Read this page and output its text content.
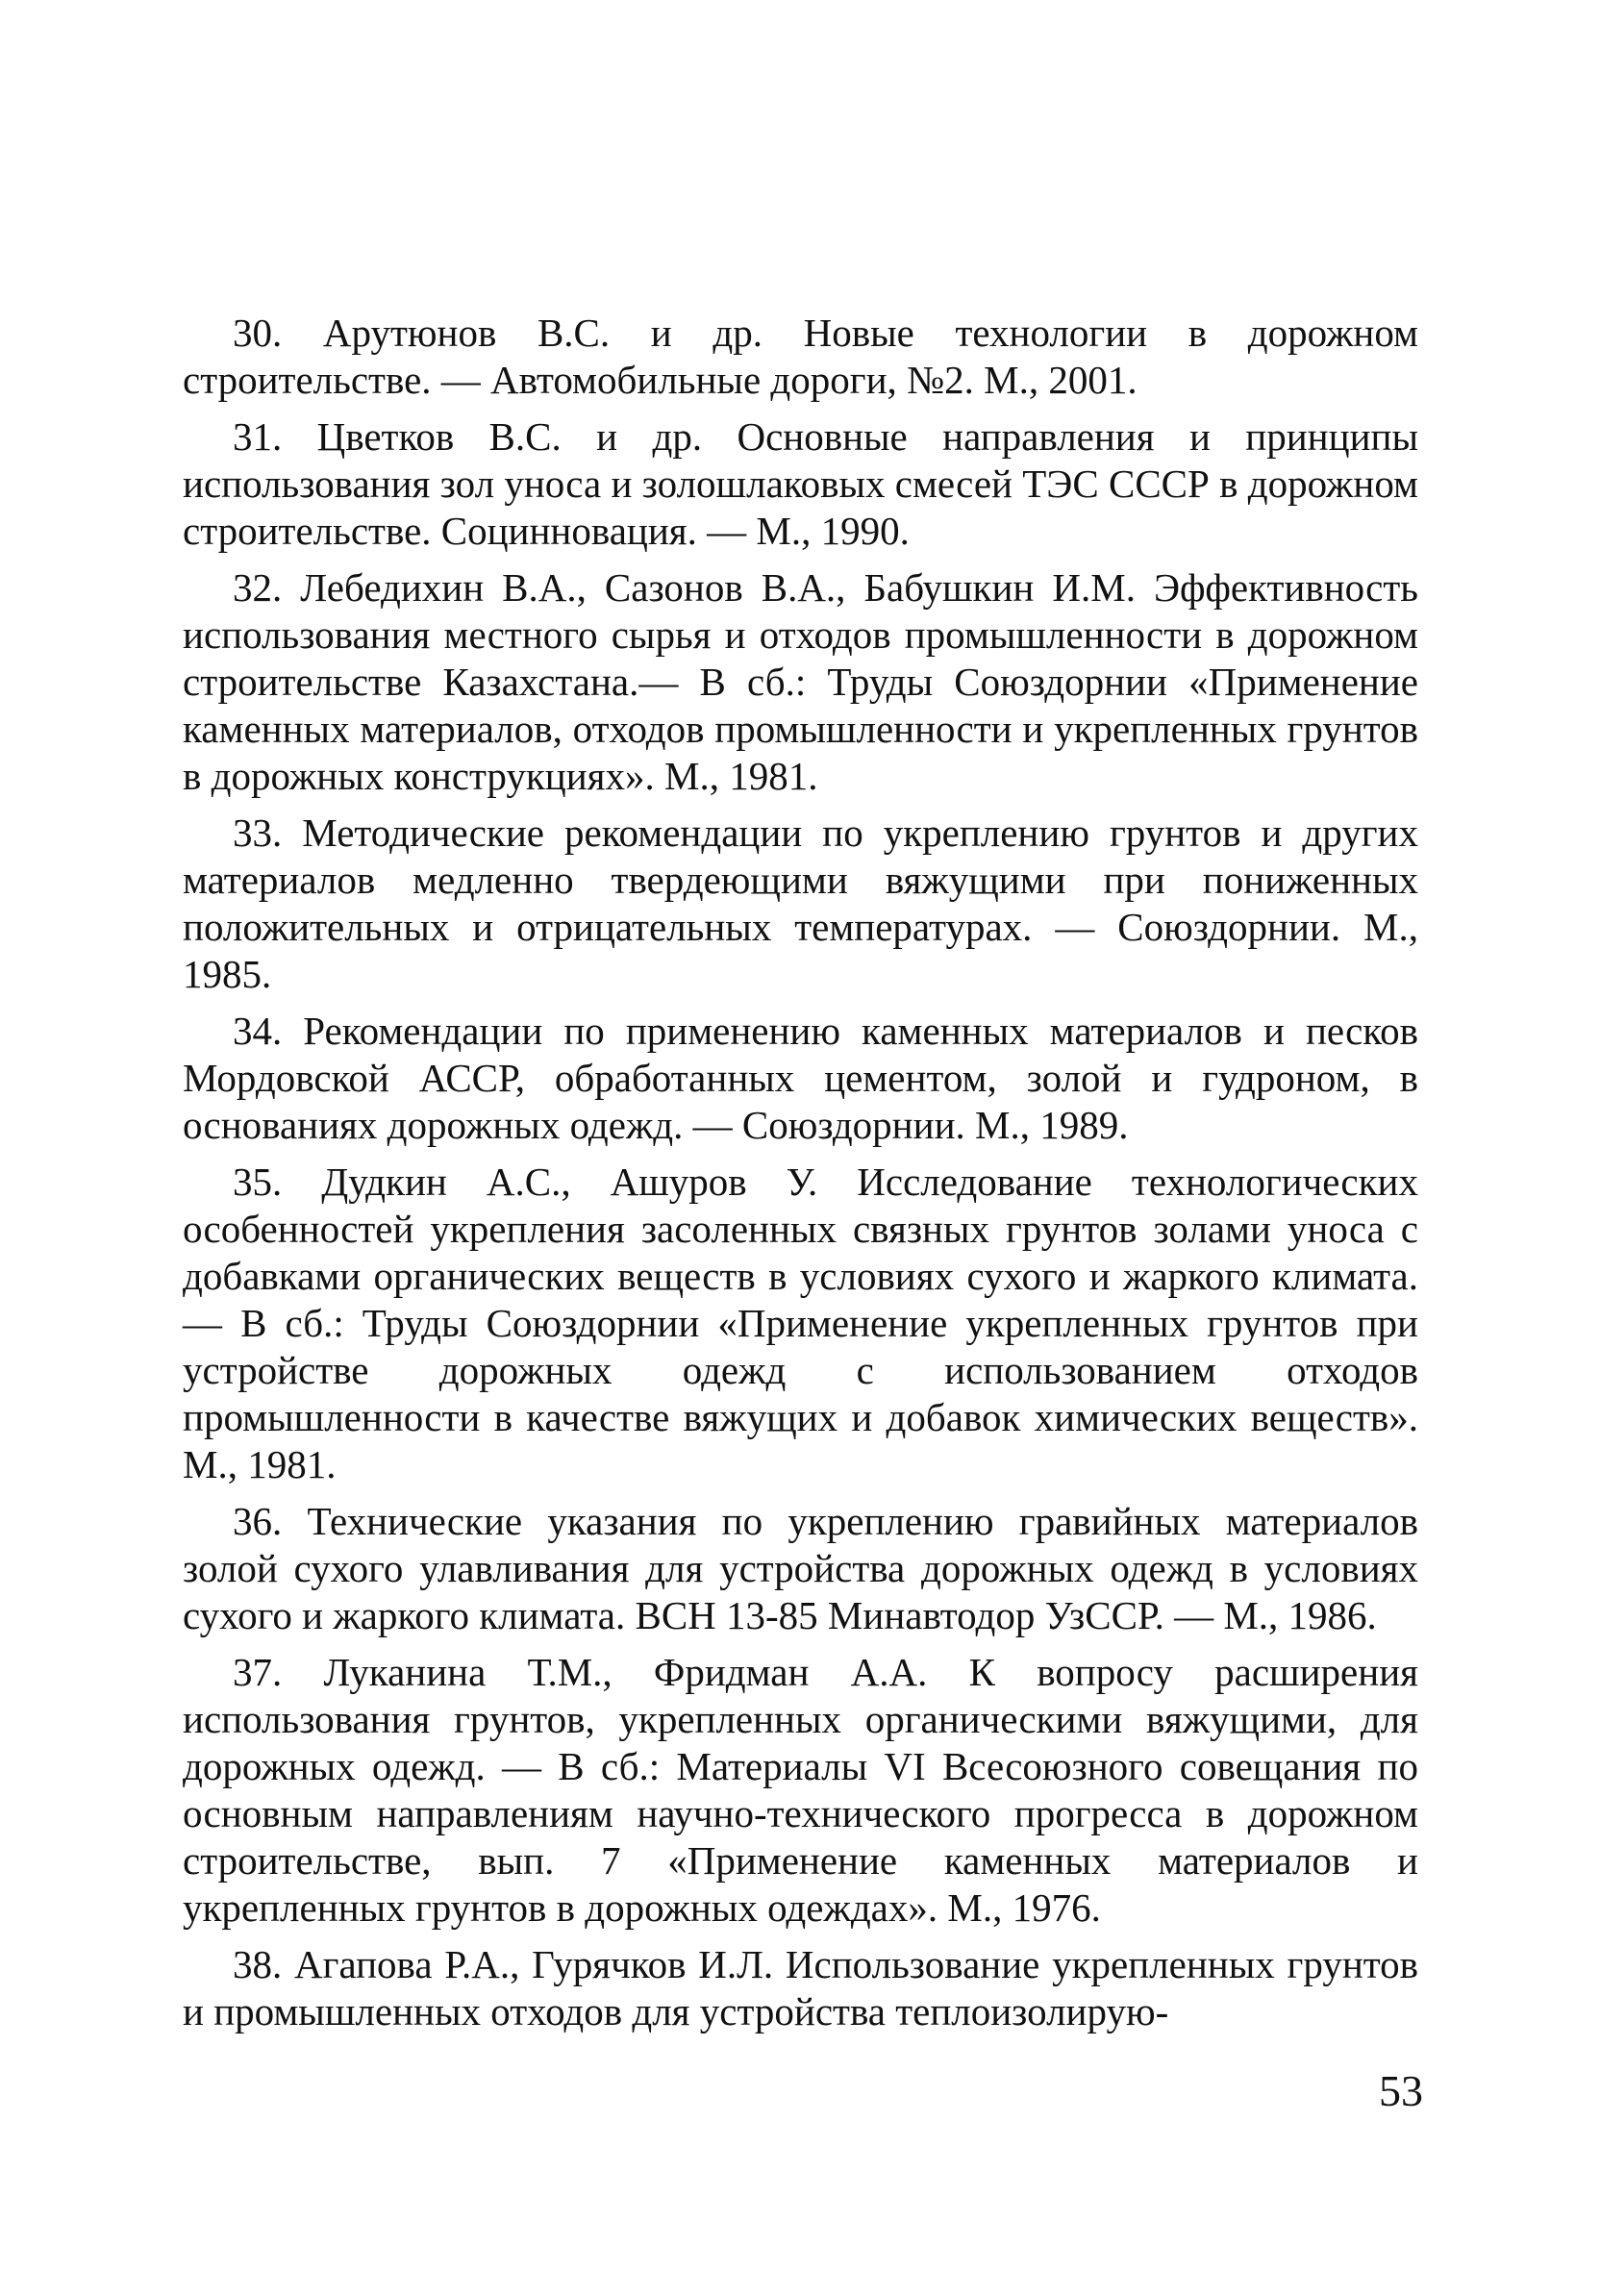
30. Арутюнов В.С. и др. Новые технологии в дорожном строительстве. — Автомобильные дороги, №2. М., 2001.

31. Цветков В.С. и др. Основные направления и принципы использования зол уноса и золошлаковых смесей ТЭС СССР в дорожном строительстве. Социнновация. — М., 1990.

32. Лебедихин В.А., Сазонов В.А., Бабушкин И.М. Эффективность использования местного сырья и отходов промышленности в дорожном строительстве Казахстана.— В сб.: Труды Союздорнии «Применение каменных материалов, отходов промышленности и укрепленных грунтов в дорожных конструкциях». М., 1981.

33. Методические рекомендации по укреплению грунтов и других материалов медленно твердеющими вяжущими при пониженных положительных и отрицательных температурах. — Союздорнии. М., 1985.

34. Рекомендации по применению каменных материалов и песков Мордовской АССР, обработанных цементом, золой и гудроном, в основаниях дорожных одежд. — Союздорнии. М., 1989.

35. Дудкин А.С., Ашуров У. Исследование технологических особенностей укрепления засоленных связных грунтов золами уноса с добавками органических веществ в условиях сухого и жаркого климата. — В сб.: Труды Союздорнии «Применение укрепленных грунтов при устройстве дорожных одежд с использованием отходов промышленности в качестве вяжущих и добавок химических веществ». М., 1981.

36. Технические указания по укреплению гравийных материалов золой сухого улавливания для устройства дорожных одежд в условиях сухого и жаркого климата. ВСН 13-85 Минавтодор УзССР. — М., 1986.

37. Луканина Т.М., Фридман А.А. К вопросу расширения использования грунтов, укрепленных органическими вяжущими, для дорожных одежд. — В сб.: Материалы VI Всесоюзного совещания по основным направлениям научно-технического прогресса в дорожном строительстве, вып. 7 «Применение каменных материалов и укрепленных грунтов в дорожных одеждах». М., 1976.

38. Агапова Р.А., Гурячков И.Л. Использование укрепленных грунтов и промышленных отходов для устройства теплоизолирую-

53
